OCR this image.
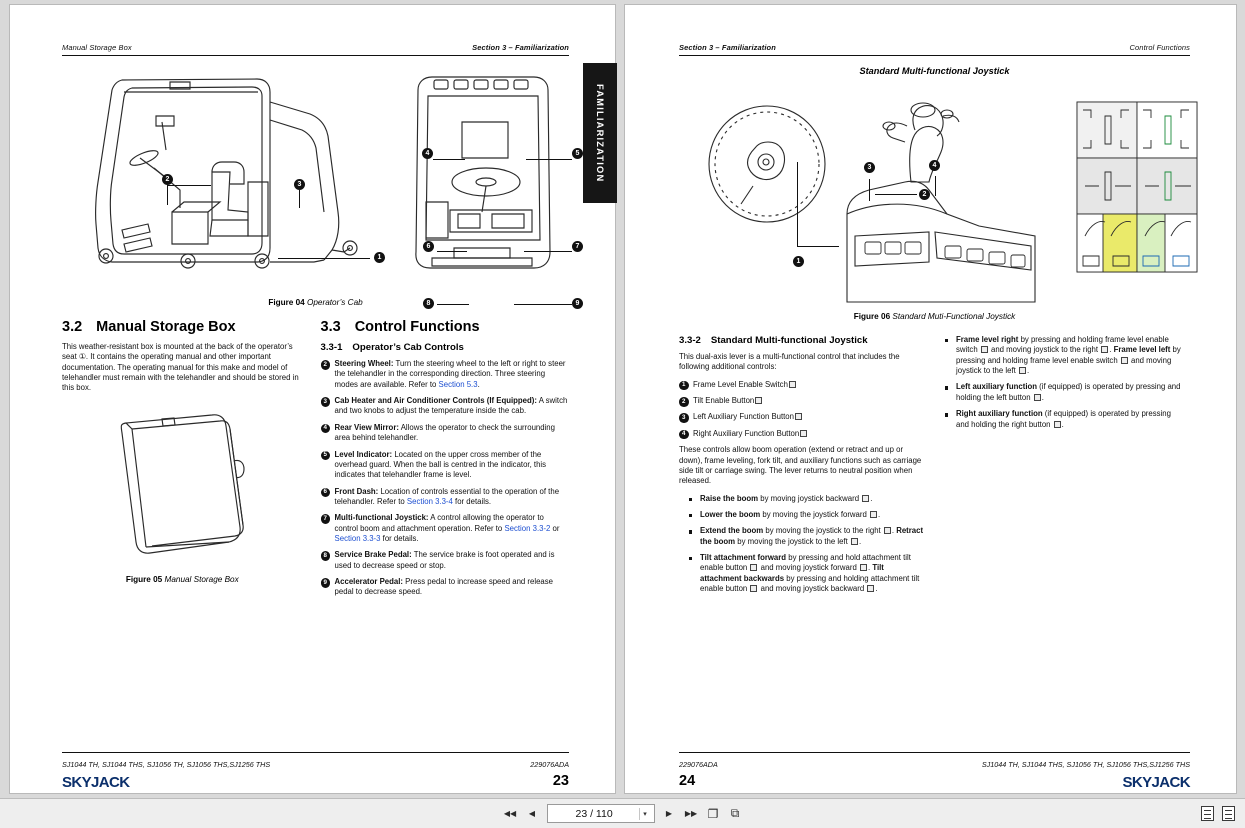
Manual Storage Box	Section 3 – Familiarization
1
2
3
4	5
6	7
8	9
Figure 04 Operator’s Cab
3.2 Manual Storage Box

This weather-resistant box is mounted at the back of the operator’s seat ①. It contains the operating manual and other important documentation. The operating manual for this make and model of telehandler must remain with the telehandler and should be stored in this box.

Figure 05 Manual Storage Box
3.3 Control Functions
3.3-1 Operator’s Cab Controls
2 Steering Wheel: Turn the steering wheel to the left or right to steer the telehandler in the corresponding direction. Three steering modes are available. Refer to Section 5.3.
3 Cab Heater and Air Conditioner Controls (If Equipped): A switch and two knobs to adjust the temperature inside the cab.
4 Rear View Mirror: Allows the operator to check the surrounding area behind telehandler.
5 Level Indicator: Located on the upper cross member of the overhead guard. When the ball is centred in the indicator, this indicates that telehandler frame is level.
6 Front Dash: Location of controls essential to the operation of the telehandler. Refer to Section 3.3-4 for details.
7 Multi-functional Joystick: A control allowing the operator to control boom and attachment operation. Refer to Section 3.3-2 or Section 3.3-3 for details.
8 Service Brake Pedal: The service brake is foot operated and is used to decrease speed or stop.
9 Accelerator Pedal: Press pedal to increase speed and release pedal to decrease speed.
SJ1044 TH, SJ1044 THS, SJ1056 TH, SJ1056 THS,SJ1256 THS	229076ADA
23
SKYJACK
FAMILIARIZATION
Section 3 – Familiarization	Control Functions
Standard Multi-functional Joystick
1
2
3	4
Figure 06 Standard Muti-Functional Joystick
3.3-2 Standard Multi-functional Joystick

This dual-axis lever is a multi-functional control that includes the following additional controls:

1 Frame Level Enable Switch
2 Tilt Enable Button
3 Left Auxiliary Function Button
4 Right Auxiliary Function Button

These controls allow boom operation (extend or retract and up or down), frame leveling, fork tilt, and auxiliary functions such as carriage side tilt or carriage swing. The lever returns to neutral position when released.

Raise the boom by moving joystick backward .
Lower the boom by moving the joystick forward .
Extend the boom by moving the joystick to the right . Retract the boom by moving the joystick to the left .
Tilt attachment forward by pressing and hold attachment tilt enable button  and moving joystick forward . Tilt attachment backwards by pressing and holding attachment tilt enable button  and moving joystick backward .
Frame level right by pressing and holding frame level enable switch  and moving joystick to the right . Frame level left by pressing and holding frame level enable switch  and moving joystick to the left .
Left auxiliary function (if equipped) is operated by pressing and holding the left button .
Right auxiliary function (if equipped) is operated by pressing and holding the right button .
229076ADA	SJ1044 TH, SJ1044 THS, SJ1056 TH, SJ1056 THS,SJ1256 THS
24	SKYJACK
◀◀	◀	23 / 110	▾	▶	▶▶ ❐ ⧉
